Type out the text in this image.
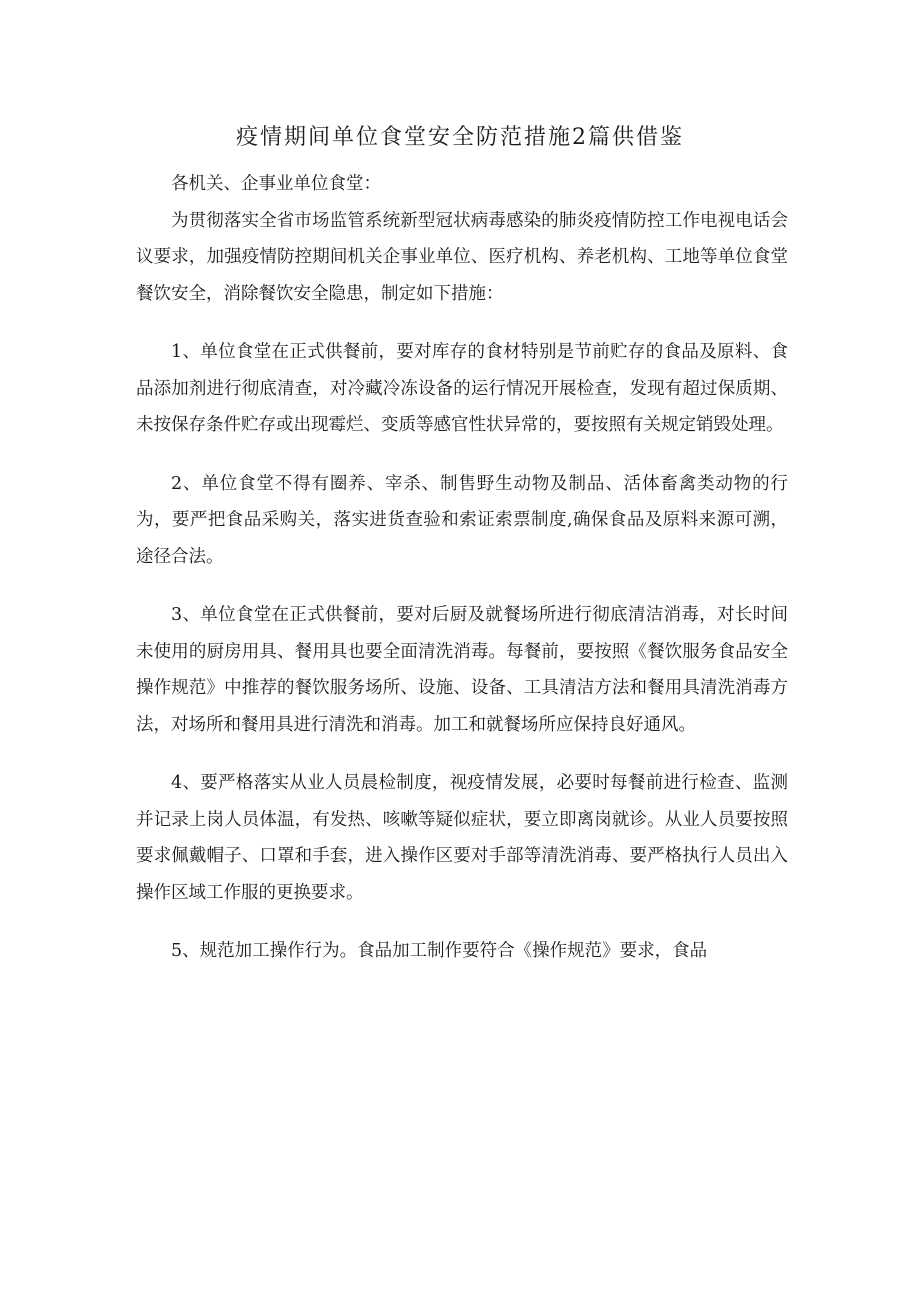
疫情期间单位食堂安全防范措施2篇供借鉴

各机关、企事业单位食堂：

为贯彻落实全省市场监管系统新型冠状病毒感染的肺炎疫情防控工作电视电话会议要求，加强疫情防控期间机关企事业单位、医疗机构、养老机构、工地等单位食堂餐饮安全，消除餐饮安全隐患，制定如下措施：

1、单位食堂在正式供餐前，要对库存的食材特别是节前贮存的食品及原料、食品添加剂进行彻底清查，对冷藏冷冻设备的运行情况开展检查，发现有超过保质期、未按保存条件贮存或出现霉烂、变质等感官性状异常的，要按照有关规定销毁处理。

2、单位食堂不得有圈养、宰杀、制售野生动物及制品、活体畜禽类动物的行为，要严把食品采购关，落实进货查验和索证索票制度,确保食品及原料来源可溯，途径合法。

3、单位食堂在正式供餐前，要对后厨及就餐场所进行彻底清洁消毒，对长时间未使用的厨房用具、餐用具也要全面清洗消毒。每餐前，要按照《餐饮服务食品安全操作规范》中推荐的餐饮服务场所、设施、设备、工具清洁方法和餐用具清洗消毒方法，对场所和餐用具进行清洗和消毒。加工和就餐场所应保持良好通风。

4、要严格落实从业人员晨检制度，视疫情发展，必要时每餐前进行检查、监测并记录上岗人员体温，有发热、咳嗽等疑似症状，要立即离岗就诊。从业人员要按照要求佩戴帽子、口罩和手套，进入操作区要对手部等清洗消毒、要严格执行人员出入操作区域工作服的更换要求。

5、规范加工操作行为。食品加工制作要符合《操作规范》要求，食品
